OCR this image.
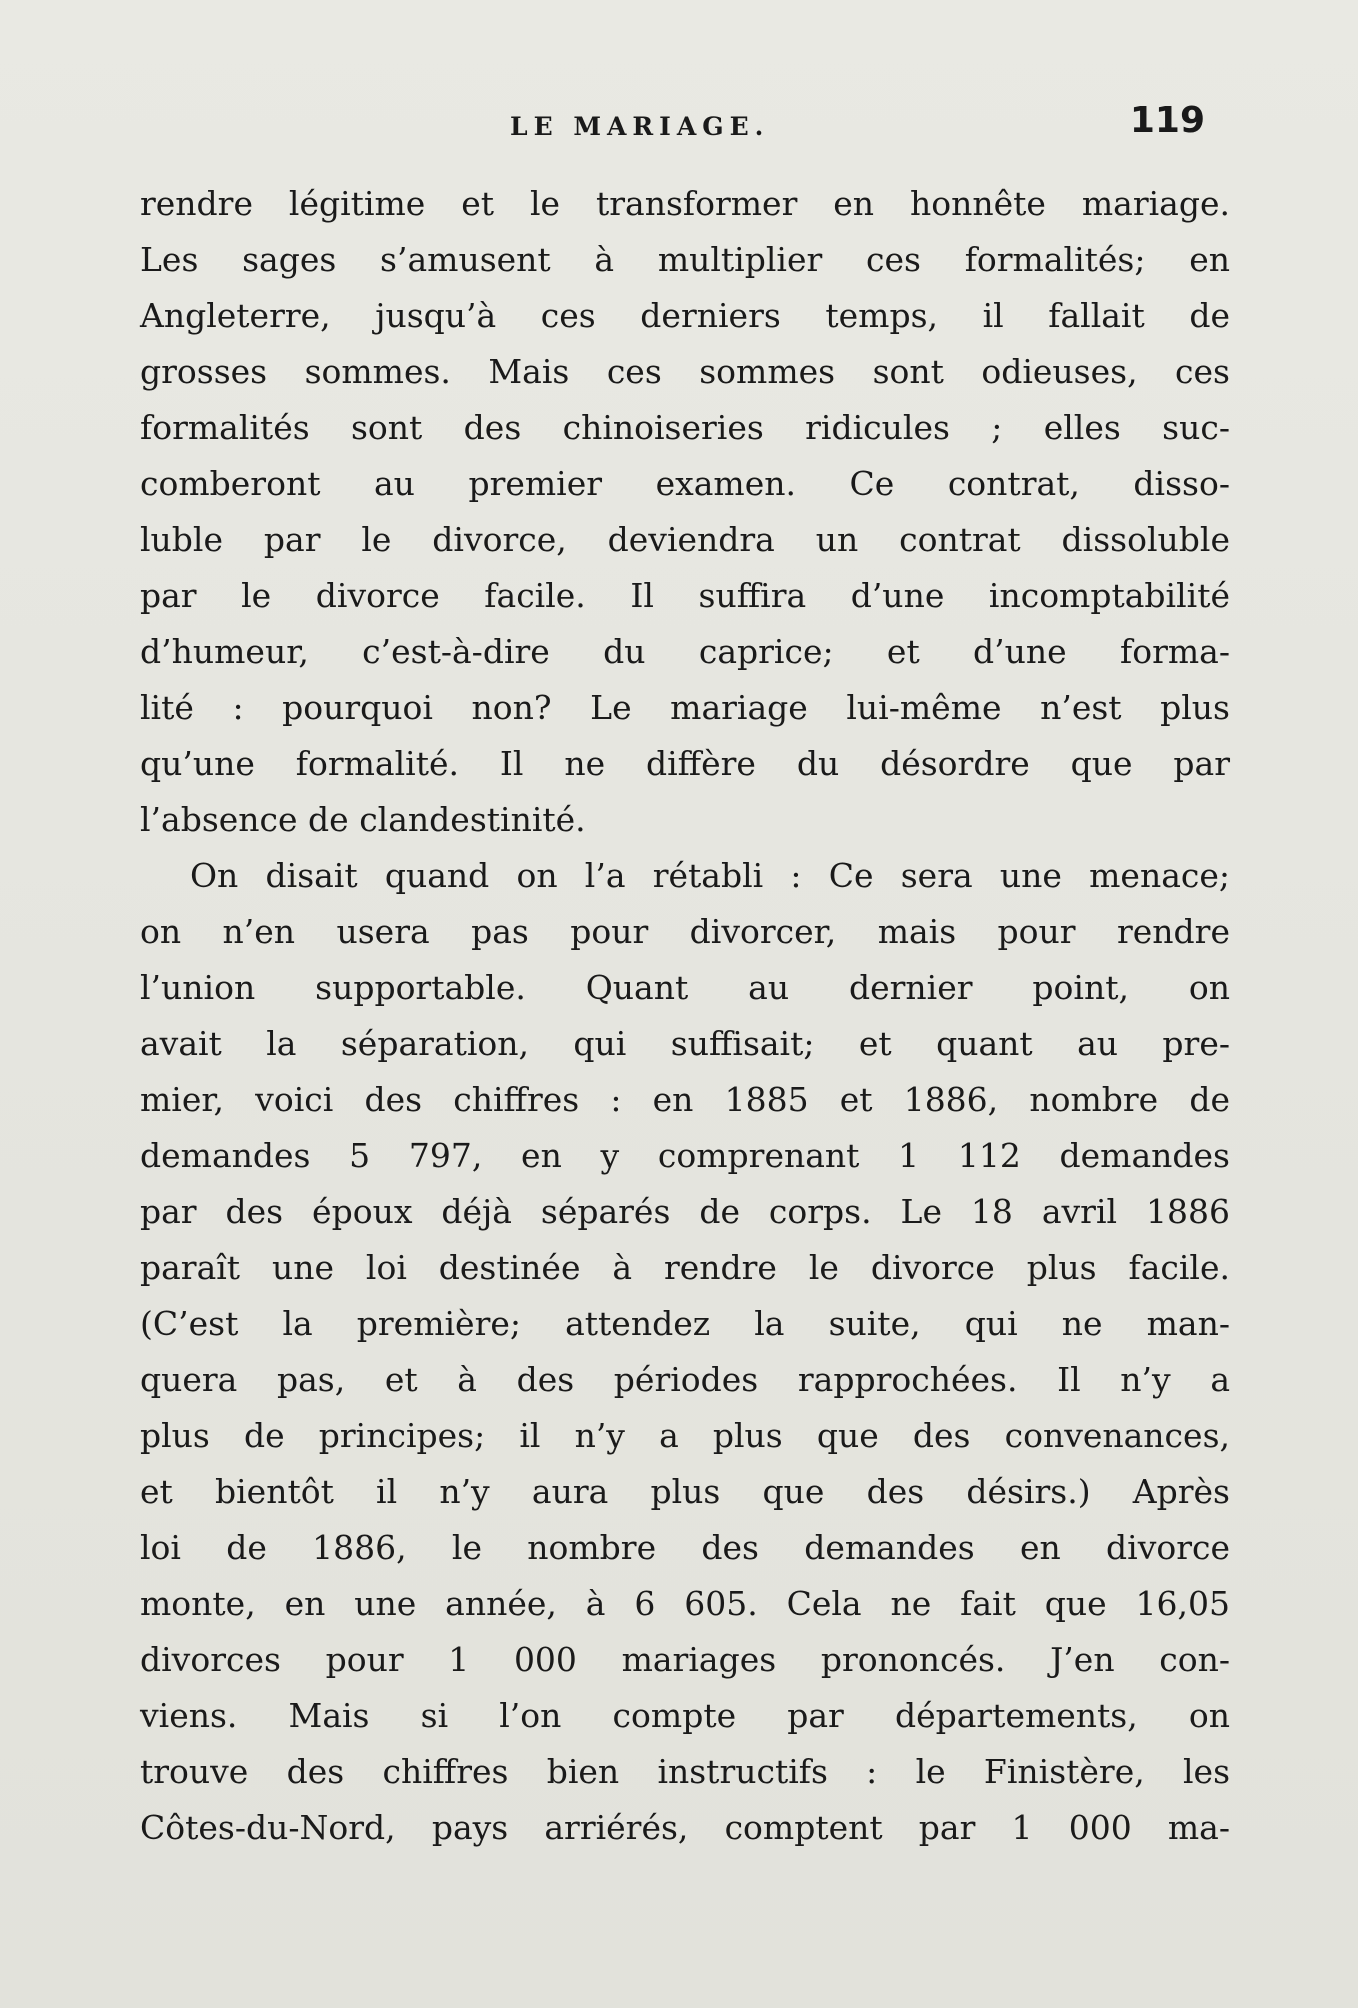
LE MARIAGE.	119
rendre légitime et le transformer en honnête mariage.
Les sages s’amusent à multiplier ces formalités; en
Angleterre, jusqu’à ces derniers temps, il fallait de
grosses sommes. Mais ces sommes sont odieuses, ces
formalités sont des chinoiseries ridicules ; elles suc-
comberont au premier examen. Ce contrat, disso-
luble par le divorce, deviendra un contrat dissoluble
par le divorce facile. Il suffira d’une incomptabilité
d’humeur, c’est-à-dire du caprice; et d’une forma-
lité : pourquoi non? Le mariage lui-même n’est plus
qu’une formalité. Il ne diffère du désordre que par
l’absence de clandestinité.
On disait quand on l’a rétabli : Ce sera une menace;
on n’en usera pas pour divorcer, mais pour rendre
l’union supportable. Quant au dernier point, on
avait la séparation, qui suffisait; et quant au pre-
mier, voici des chiffres : en 1885 et 1886, nombre de
demandes 5 797, en y comprenant 1 112 demandes
par des époux déjà séparés de corps. Le 18 avril 1886
paraît une loi destinée à rendre le divorce plus facile.
(C’est la première; attendez la suite, qui ne man-
quera pas, et à des périodes rapprochées. Il n’y a
plus de principes; il n’y a plus que des convenances,
et bientôt il n’y aura plus que des désirs.) Après
loi de 1886, le nombre des demandes en divorce
monte, en une année, à 6 605. Cela ne fait que 16,05
divorces pour 1 000 mariages prononcés. J’en con-
viens. Mais si l’on compte par départements, on
trouve des chiffres bien instructifs : le Finistère, les
Côtes-du-Nord, pays arriérés, comptent par 1 000 ma-
